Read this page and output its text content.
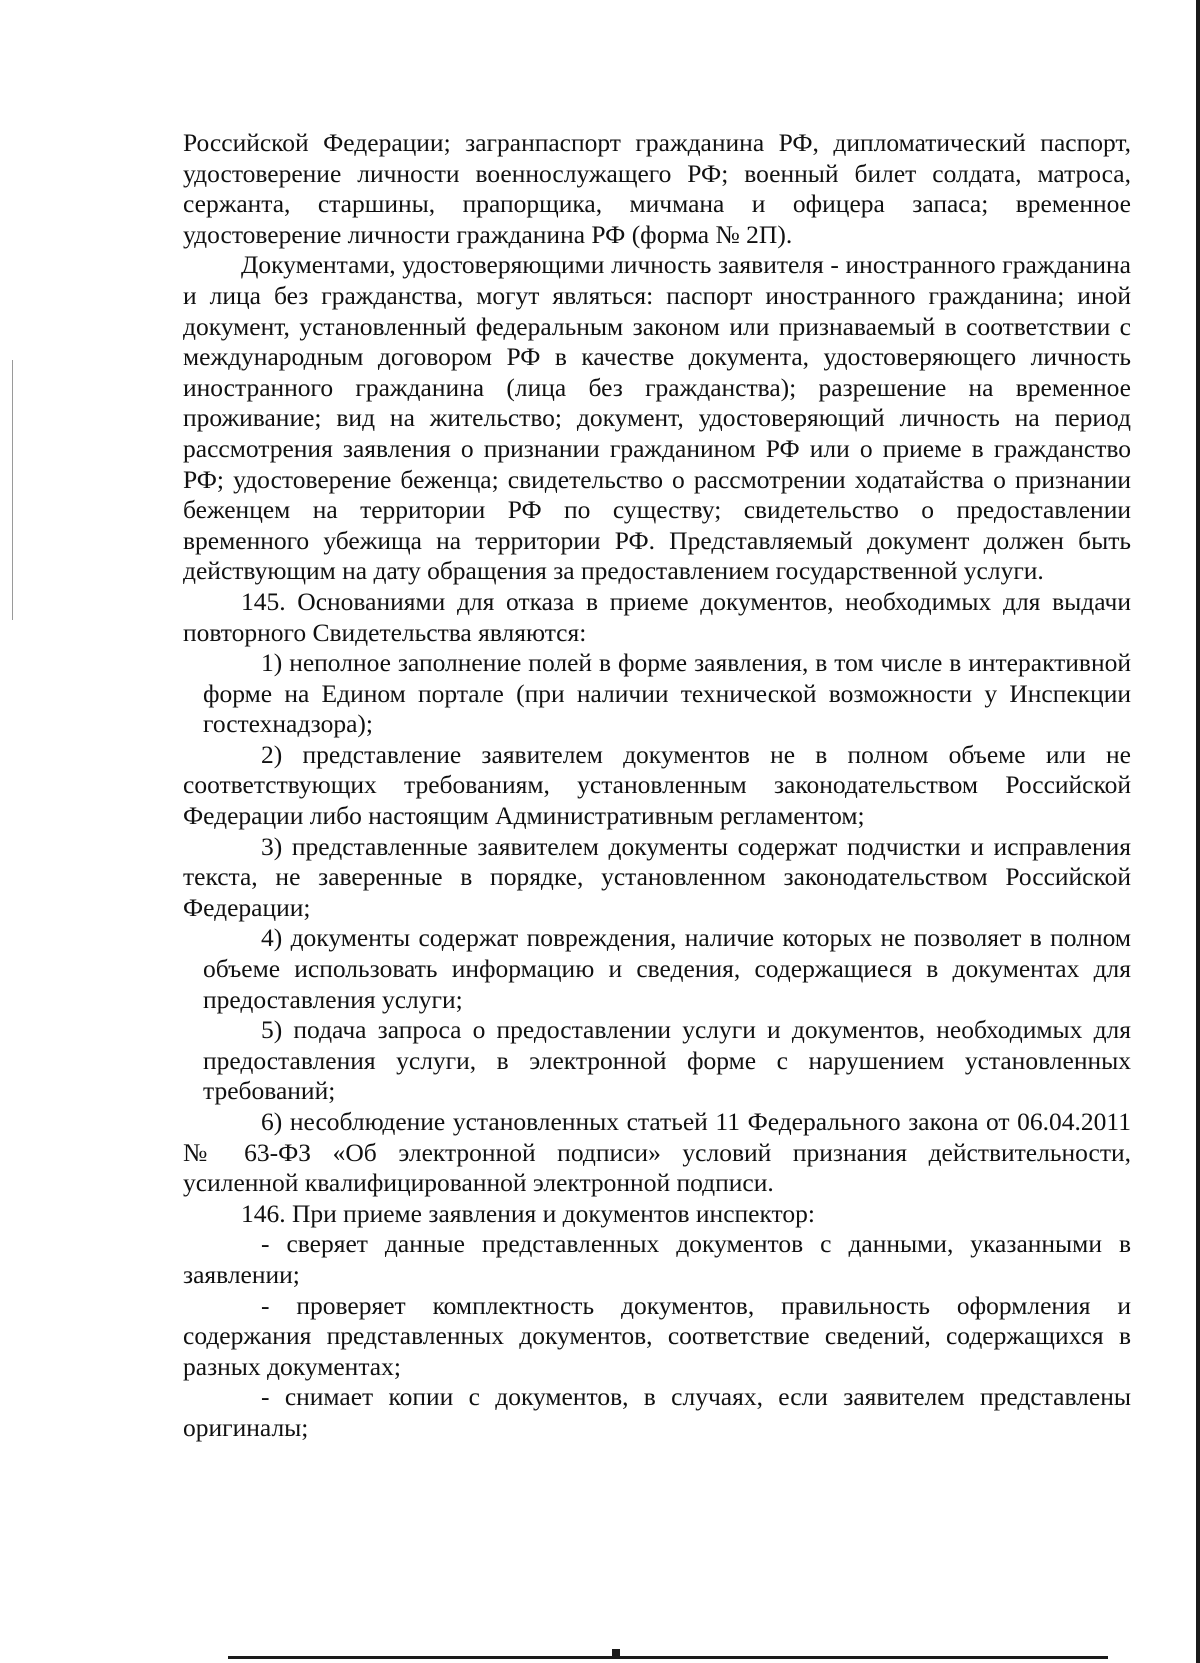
Российской Федерации; загранпаспорт гражданина РФ, дипломатический паспорт, удостоверение личности военнослужащего РФ; военный билет солдата, матроса, сержанта, старшины, прапорщика, мичмана и офицера запаса; временное удостоверение личности гражданина РФ (форма № 2П).

Документами, удостоверяющими личность заявителя - иностранного гражданина и лица без гражданства, могут являться: паспорт иностранного гражданина; иной документ, установленный федеральным законом или признаваемый в соответствии с международным договором РФ в качестве документа, удостоверяющего личность иностранного гражданина (лица без гражданства); разрешение на временное проживание; вид на жительство; документ, удостоверяющий личность на период рассмотрения заявления о признании гражданином РФ или о приеме в гражданство РФ; удостоверение беженца; свидетельство о рассмотрении ходатайства о признании беженцем на территории РФ по существу; свидетельство о предоставлении временного убежища на территории РФ. Представляемый документ должен быть действующим на дату обращения за предоставлением государственной услуги.

145. Основаниями для отказа в приеме документов, необходимых для выдачи повторного Свидетельства являются:

1) неполное заполнение полей в форме заявления, в том числе в интерактивной форме на Едином портале (при наличии технической возможности у Инспекции гостехнадзора);

2) представление заявителем документов не в полном объеме или не соответствующих требованиям, установленным законодательством Российской Федерации либо настоящим Административным регламентом;

3) представленные заявителем документы содержат подчистки и исправления текста, не заверенные в порядке, установленном законодательством Российской Федерации;

4) документы содержат повреждения, наличие которых не позволяет в полном объеме использовать информацию и сведения, содержащиеся в документах для предоставления услуги;

5) подача запроса о предоставлении услуги и документов, необходимых для предоставления услуги, в электронной форме с нарушением установленных требований;

6) несоблюдение установленных статьей 11 Федерального закона от 06.04.2011 № 63-ФЗ «Об электронной подписи» условий признания действительности, усиленной квалифицированной электронной подписи.

146. При приеме заявления и документов инспектор:

- сверяет данные представленных документов с данными, указанными в заявлении;

- проверяет комплектность документов, правильность оформления и содержания представленных документов, соответствие сведений, содержащихся в разных документах;

- снимает копии с документов, в случаях, если заявителем представлены оригиналы;
